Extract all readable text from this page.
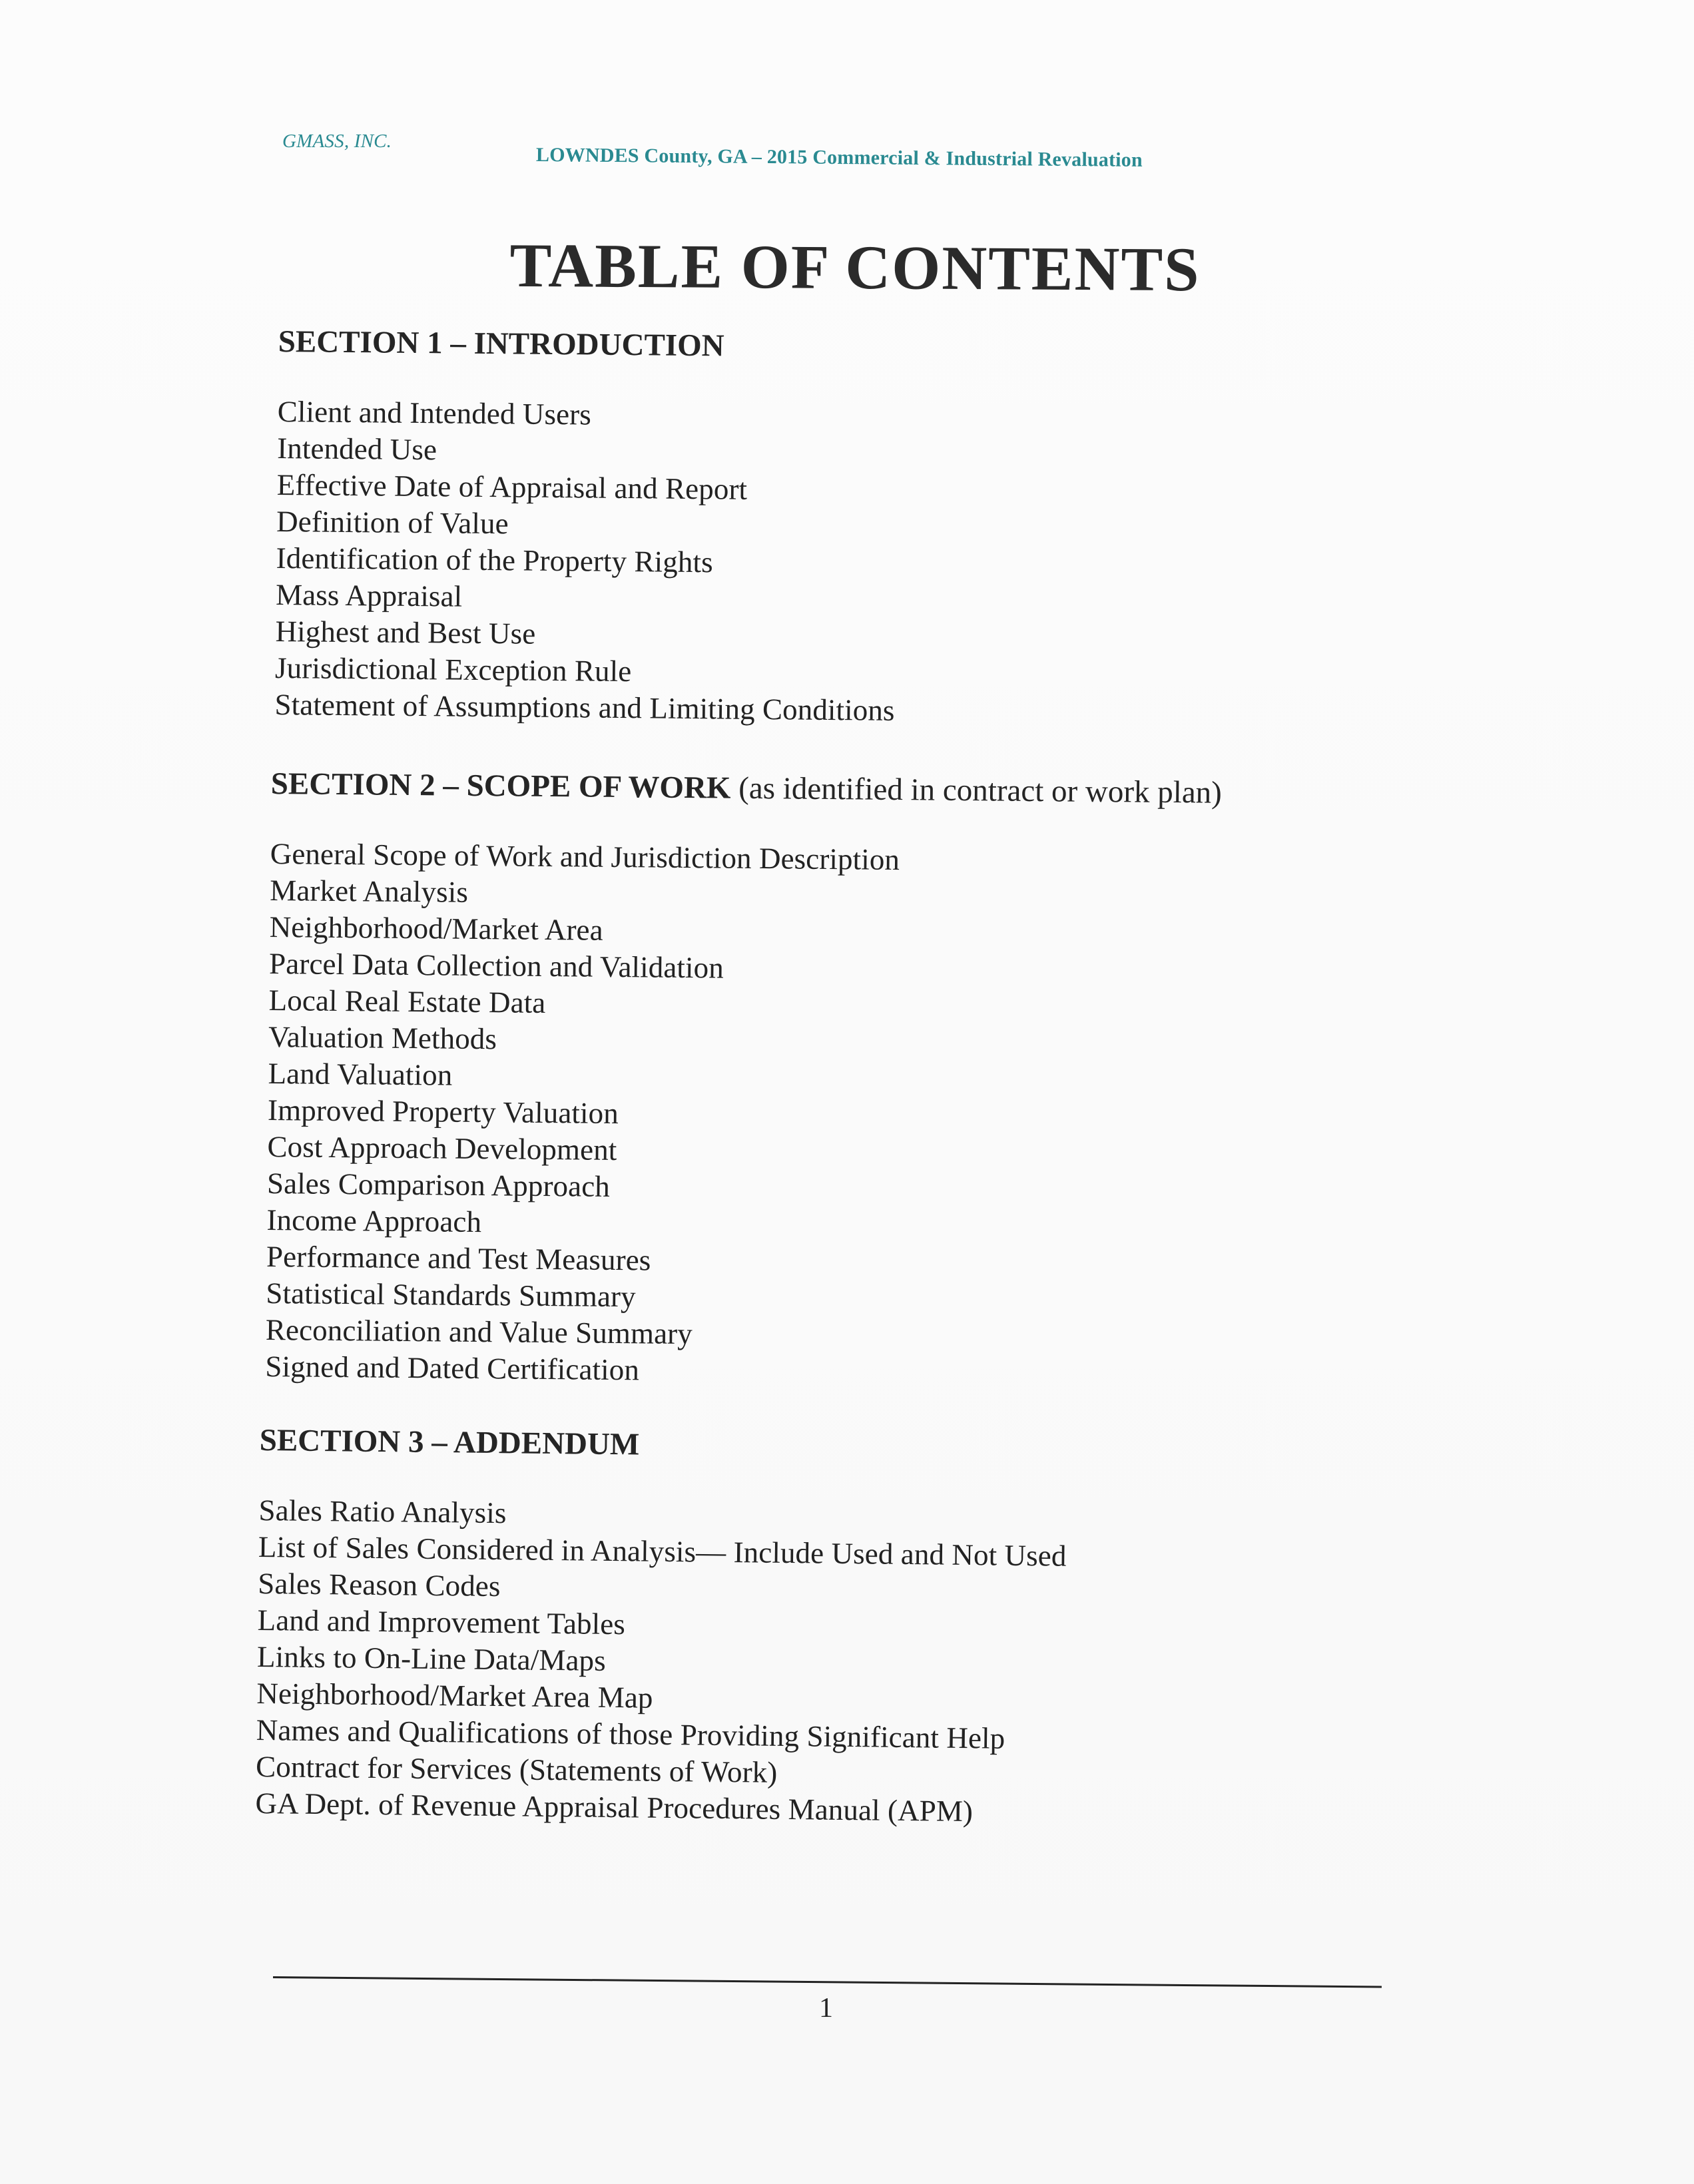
GMASS, INC.
LOWNDES County, GA – 2015 Commercial & Industrial Revaluation
TABLE OF CONTENTS
SECTION 1 – INTRODUCTION
Client and Intended Users
Intended Use
Effective Date of Appraisal and Report
Definition of Value
Identification of the Property Rights
Mass Appraisal
Highest and Best Use
Jurisdictional Exception Rule
Statement of Assumptions and Limiting Conditions
SECTION 2 – SCOPE OF WORK (as identified in contract or work plan)
General Scope of Work and Jurisdiction Description
Market Analysis
Neighborhood/Market Area
Parcel Data Collection and Validation
Local Real Estate Data
Valuation Methods
Land Valuation
Improved Property Valuation
Cost Approach Development
Sales Comparison Approach
Income Approach
Performance and Test Measures
Statistical Standards Summary
Reconciliation and Value Summary
Signed and Dated Certification
SECTION 3 – ADDENDUM
Sales Ratio Analysis
List of Sales Considered in Analysis— Include Used and Not Used
Sales Reason Codes
Land and Improvement Tables
Links to On-Line Data/Maps
Neighborhood/Market Area Map
Names and Qualifications of those Providing Significant Help
Contract for Services (Statements of Work)
GA Dept. of Revenue Appraisal Procedures Manual (APM)
1
